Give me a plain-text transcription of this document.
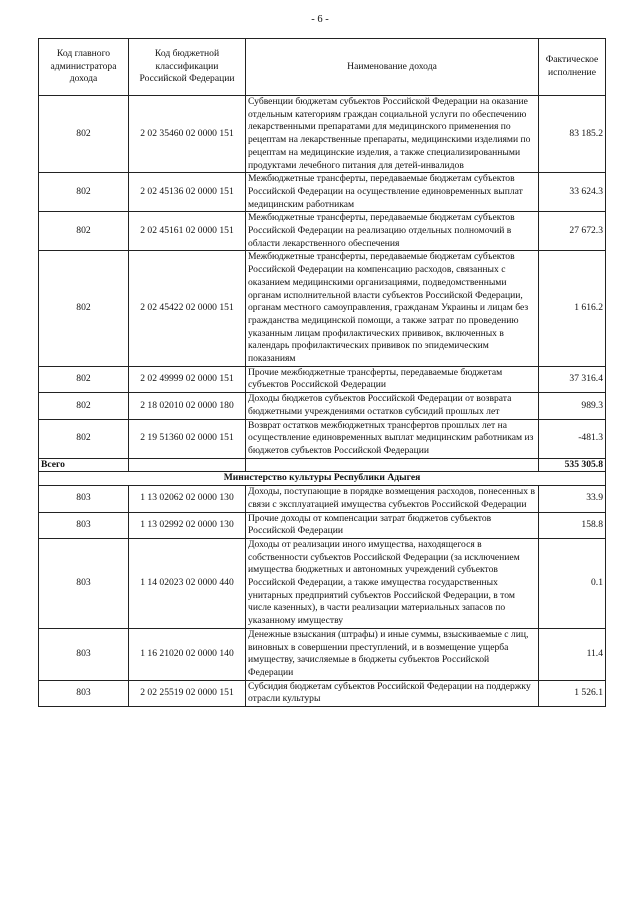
- 6 -
Код главного администратора дохода	Код бюджетной классификации Российской Федерации	Наименование дохода	Фактическое исполнение
802	2 02 35460 02 0000 151	Субвенции бюджетам субъектов Российской Федерации на оказание отдельным категориям граждан социальной услуги по обеспечению лекарственными препаратами для медицинского применения по рецептам на лекарственные препараты, медицинскими изделиями по рецептам на медицинские изделия, а также специализированными продуктами лечебного питания для детей-инвалидов	83 185.2
802	2 02 45136 02 0000 151	Межбюджетные трансферты, передаваемые бюджетам субъектов Российской Федерации на осуществление единовременных выплат медицинским работникам	33 624.3
802	2 02 45161 02 0000 151	Межбюджетные трансферты, передаваемые бюджетам субъектов Российской Федерации на реализацию отдельных полномочий в области лекарственного обеспечения	27 672.3
802	2 02 45422 02 0000 151	Межбюджетные трансферты, передаваемые бюджетам субъектов Российской Федерации на компенсацию расходов, связанных с оказанием медицинскими организациями, подведомственными органам исполнительной власти субъектов Российской Федерации, органам местного самоуправления, гражданам Украины и лицам без гражданства медицинской помощи, а также затрат по проведению указанным лицам профилактических прививок, включенных в календарь профилактических прививок по эпидемическим показаниям	1 616.2
802	2 02 49999 02 0000 151	Прочие межбюджетные трансферты, передаваемые бюджетам субъектов Российской Федерации	37 316.4
802	2 18 02010 02 0000 180	Доходы бюджетов субъектов Российской Федерации от возврата бюджетными учреждениями остатков субсидий прошлых лет	989.3
802	2 19 51360 02 0000 151	Возврат остатков межбюджетных трансфертов прошлых лет на осуществление единовременных выплат медицинским работникам из бюджетов субъектов Российской Федерации	-481.3
Всего			535 305.8
Министерство культуры Республики Адыгея			
803	1 13 02062 02 0000 130	Доходы, поступающие в порядке возмещения расходов, понесенных в связи с эксплуатацией имущества субъектов Российской Федерации	33.9
803	1 13 02992 02 0000 130	Прочие доходы от компенсации затрат бюджетов субъектов Российской Федерации	158.8
803	1 14 02023 02 0000 440	Доходы от реализации иного имущества, находящегося в собственности субъектов Российской Федерации (за исключением имущества бюджетных и автономных учреждений субъектов Российской Федерации, а также имущества государственных унитарных предприятий субъектов Российской Федерации, в том числе казенных), в части реализации материальных запасов по указанному имуществу	0.1
803	1 16 21020 02 0000 140	Денежные взыскания (штрафы) и иные суммы, взыскиваемые с лиц, виновных в совершении преступлений, и в возмещение ущерба имуществу, зачисляемые в бюджеты субъектов Российской Федерации	11.4
803	2 02 25519 02 0000 151	Субсидия бюджетам субъектов Российской Федерации на поддержку отрасли культуры	1 526.1
